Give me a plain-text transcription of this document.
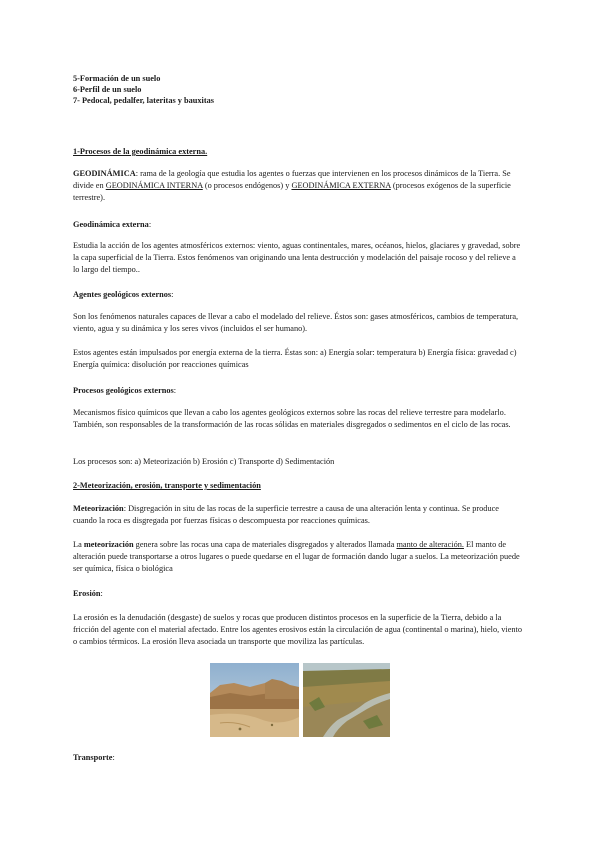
5-Formación de un suelo
6-Perfil de un suelo
7- Pedocal, pedalfer, lateritas y bauxitas
1-Procesos de la geodinámica externa.
GEODINÁMICA: rama de la geología que estudia los agentes o fuerzas que intervienen en los procesos dinámicos de la Tierra. Se divide en GEODINÁMICA INTERNA (o procesos endógenos) y GEODINÁMICA EXTERNA (procesos exógenos de la superficie terrestre).
Geodinámica externa:
Estudia la acción de los agentes atmosféricos externos: viento, aguas continentales, mares, océanos, hielos, glaciares y gravedad, sobre la capa superficial de la Tierra. Estos fenómenos van originando una lenta destrucción y modelación del paisaje rocoso y del relieve a lo largo del tiempo..
Agentes geológicos externos:
Son los fenómenos naturales capaces de llevar a cabo el modelado del relieve. Éstos son: gases atmosféricos, cambios de temperatura, viento, agua y su dinámica y los seres vivos (incluidos el ser humano).
Estos agentes están impulsados por energía externa de la tierra. Éstas son: a) Energía solar: temperatura b) Energía física: gravedad c) Energía química: disolución por reacciones químicas
Procesos geológicos externos:
Mecanismos físico químicos que llevan a cabo los agentes geológicos externos sobre las rocas del relieve terrestre para modelarlo. También, son responsables de la transformación de las rocas sólidas en materiales disgregados o sedimentos en el ciclo de las rocas.
Los procesos son: a) Meteorización b) Erosión c) Transporte d) Sedimentación
2-Meteorización, erosión, transporte y sedimentación
Meteorización: Disgregación in situ de las rocas de la superficie terrestre a causa de una alteración lenta y continua. Se produce cuando la roca es disgregada por fuerzas físicas o descompuesta por reacciones químicas.
La meteorización genera sobre las rocas una capa de materiales disgregados y alterados llamada manto de alteración. El manto de alteración puede transportarse a otros lugares o puede quedarse en el lugar de formación dando lugar a suelos. La meteorización puede ser química, física o biológica
Erosión:
La erosión es la denudación (desgaste) de suelos y rocas que producen distintos procesos en la superficie de la Tierra, debido a la fricción del agente con el material afectado. Entre los agentes erosivos están la circulación de agua (continental o marina), hielo, viento o cambios térmicos. La erosión lleva asociada un transporte que moviliza las partículas.
Transporte:
